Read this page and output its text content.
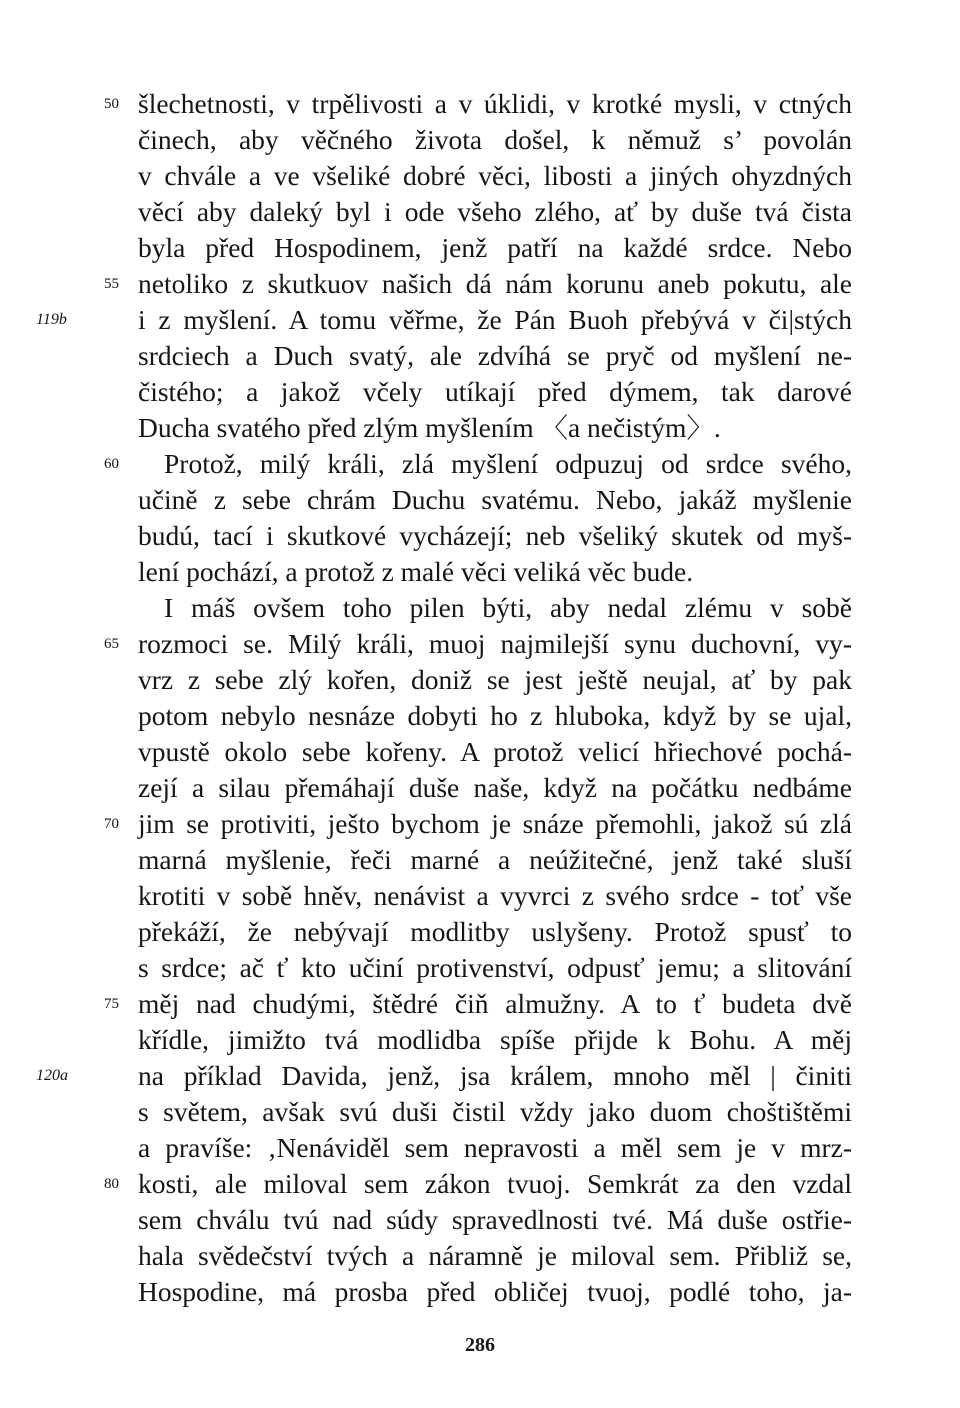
50
55
60
65
70
75
80
119b
120a
šlechetnosti, v trpělivosti a v úklidi, v krotké mysli, v ctných
činech, aby věčného života došel, k němuž s’ povolán
v chvále a ve všeliké dobré věci, libosti a jiných ohyzdných
věcí aby daleký byl i ode všeho zlého, ať by duše tvá čista
byla před Hospodinem, jenž patří na každé srdce. Nebo
netoliko z skutkuov našich dá nám korunu aneb pokutu, ale
i z myšlení. A tomu věřme, že Pán Buoh přebývá v či|stých
srdciech a Duch svatý, ale zdvíhá se pryč od myšlení ne-
čistého; a jakož včely utíkají před dýmem, tak darové
Ducha svatého před zlým myšlením 〈a nečistým〉.
Protož, milý králi, zlá myšlení odpuzuj od srdce svého,
učině z sebe chrám Duchu svatému. Nebo, jakáž myšlenie
budú, tací i skutkové vycházejí; neb všeliký skutek od myš-
lení pochází, a protož z malé věci veliká věc bude.
I máš ovšem toho pilen býti, aby nedal zlému v sobě
rozmoci se. Milý králi, muoj najmilejší synu duchovní, vy-
vrz z sebe zlý kořen, doniž se jest ještě neujal, ať by pak
potom nebylo nesnáze dobyti ho z hluboka, když by se ujal,
vpustě okolo sebe kořeny. A protož velicí hřiechové pochá-
zejí a silau přemáhají duše naše, když na počátku nedbáme
jim se protiviti, ješto bychom je snáze přemohli, jakož sú zlá
marná myšlenie, řeči marné a neúžitečné, jenž také sluší
krotiti v sobě hněv, nenávist a vyvrci z svého srdce - toť vše
překáží, že nebývají modlitby uslyšeny. Protož spusť to
s srdce; ač ť kto učiní protivenství, odpusť jemu; a slitování
měj nad chudými, štědré čiň almužny. A to ť budeta dvě
křídle, jimižto tvá modlidba spíše přijde k Bohu. A měj
na příklad Davida, jenž, jsa králem, mnoho měl | činiti
s světem, avšak svú duši čistil vždy jako duom choštištěmi
a pravíše: ‚Nenáviděl sem nepravosti a měl sem je v mrz-
kosti, ale miloval sem zákon tvuoj. Semkrát za den vzdal
sem chválu tvú nad súdy spravedlnosti tvé. Má duše ostřie-
hala svědečství tvých a náramně je miloval sem. Přibliž se,
Hospodine, má prosba před obličej tvuoj, podlé toho, ja-
286
